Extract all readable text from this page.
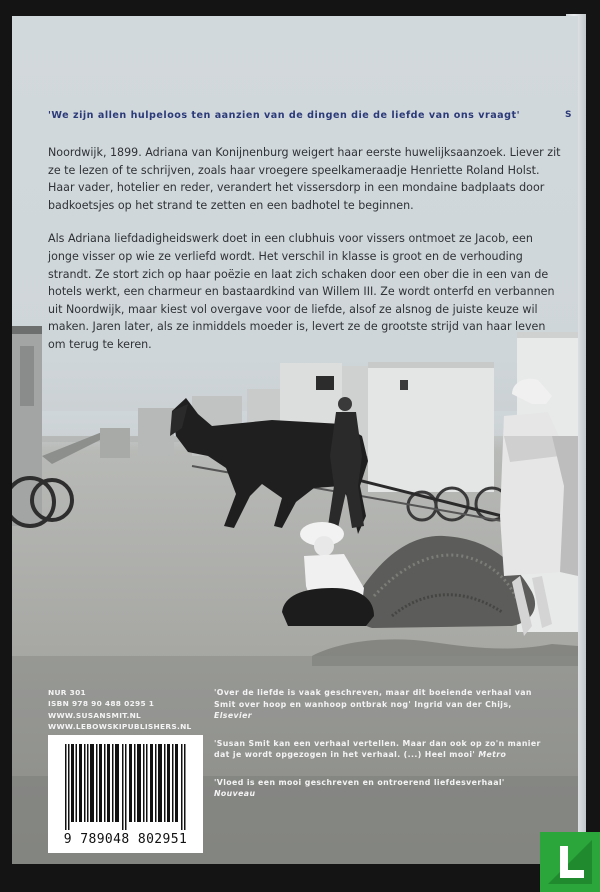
'We zijn allen hulpeloos ten aanzien van de dingen die de liefde van ons vraagt'	S

Noordwijk, 1899. Adriana van Konijnenburg weigert haar eerste huwelijksaanzoek. Liever zit ze te lezen of te schrijven, zoals haar vroegere speelkameraadje Henriette Roland Holst. Haar vader, hotelier en reder, verandert het vissersdorp in een mondaine badplaats door badkoetsjes op het strand te zetten en een badhotel te beginnen.

Als Adriana liefdadigheidswerk doet in een clubhuis voor vissers ontmoet ze Jacob, een jonge visser op wie ze verliefd wordt. Het verschil in klasse is groot en de verhouding strandt. Ze stort zich op haar poëzie en laat zich schaken door een ober die in een van de hotels werkt, een charmeur en bastaardkind van Willem III. Ze wordt onterfd en verbannen uit Noordwijk, maar kiest vol overgave voor de liefde, alsof ze alsnog de juiste keuze wil maken. Jaren later, als ze inmiddels moeder is, levert ze de grootste strijd van haar leven om terug te keren.

NUR 301
ISBN 978 90 488 0295 1
WWW.SUSANSMIT.NL
WWW.LEBOWSKIPUBLISHERS.NL
'Over de liefde is vaak geschreven, maar dit boeiende verhaal van Smit over hoop en wanhoop ontbrak nog' Ingrid van der Chijs, Elsevier
'Susan Smit kan een verhaal vertellen. Maar dan ook op zo'n manier dat je wordt opgezogen in het verhaal. (...) Heel mooi' Metro
'Vloed is een mooi geschreven en ontroerend liefdesverhaal' Nouveau
9 789048 802951
